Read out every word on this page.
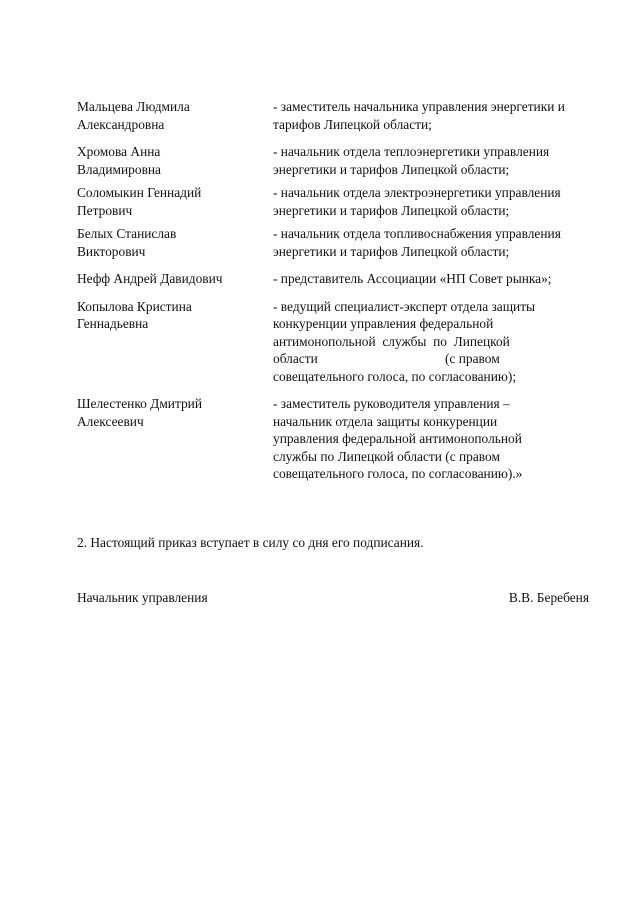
Мальцева Людмила
Александровна
- заместитель начальника управления энергетики и
тарифов Липецкой области;
Хромова Анна
Владимировна
- начальник отдела теплоэнергетики управления
энергетики и тарифов Липецкой области;
Соломыкин Геннадий
Петрович
- начальник отдела электроэнергетики управления
энергетики и тарифов Липецкой области;
Белых Станислав
Викторович
- начальник отдела топливоснабжения управления
энергетики и тарифов Липецкой области;
Нефф Андрей Давидович	- представитель Ассоциации «НП Совет рынка»;
Копылова Кристина
Геннадьевна
- ведущий специалист-эксперт отдела защиты
конкуренции управления федеральной
антимонопольной  службы  по  Липецкой
области                                      (с правом
совещательного голоса, по согласованию);
Шелестенко Дмитрий
Алексеевич
- заместитель руководителя управления –
начальник отдела защиты конкуренции
управления федеральной антимонопольной
службы по Липецкой области (с правом
совещательного голоса, по согласованию).»
2. Настоящий приказ вступает в силу со дня его подписания.
Начальник управления	В.В. Беребеня
